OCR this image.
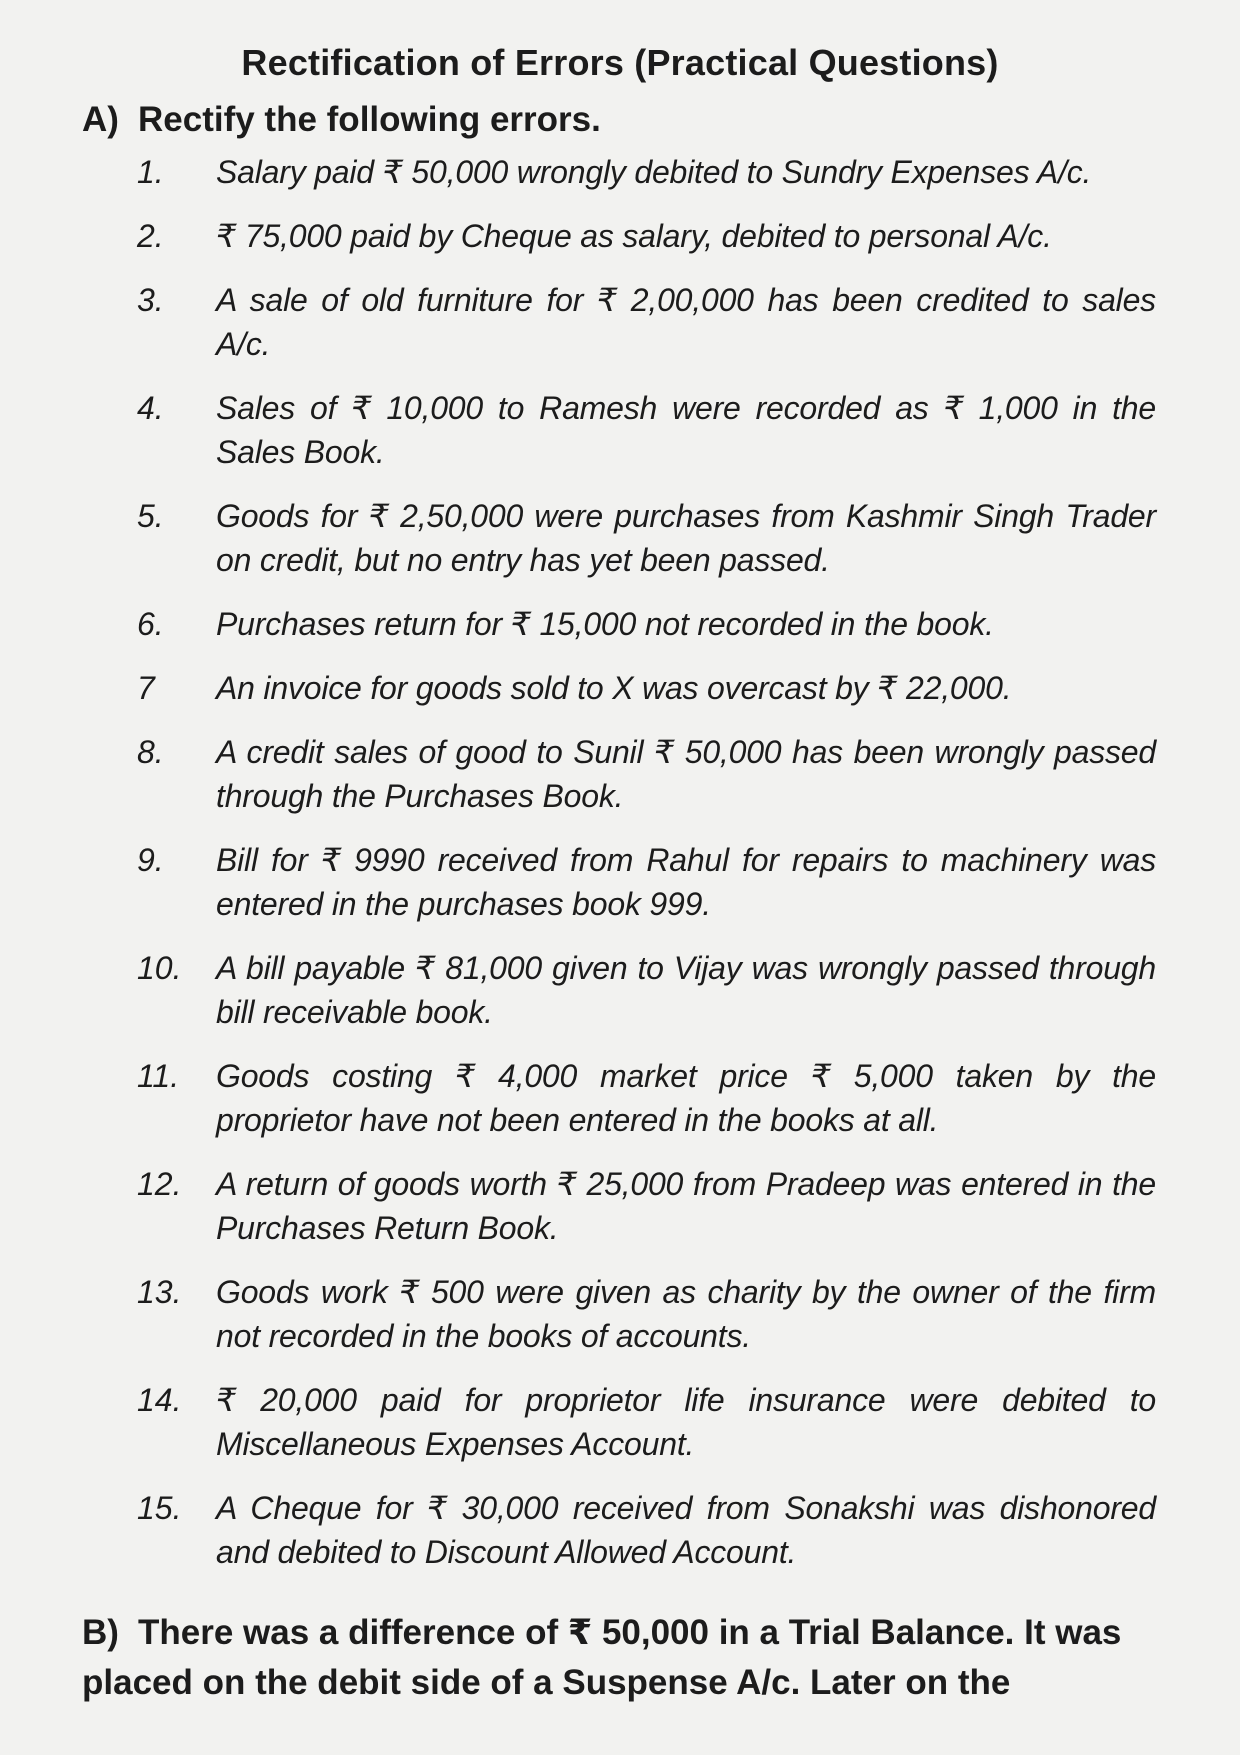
Rectification of Errors (Practical Questions)
A) Rectify the following errors.
1. Salary paid ₹ 50,000 wrongly debited to Sundry Expenses A/c.
2. ₹ 75,000 paid by Cheque as salary, debited to personal A/c.
3. A sale of old furniture for ₹ 2,00,000 has been credited to sales A/c.
4. Sales of ₹ 10,000 to Ramesh were recorded as ₹ 1,000 in the Sales Book.
5. Goods for ₹ 2,50,000 were purchases from Kashmir Singh Trader on credit, but no entry has yet been passed.
6. Purchases return for ₹ 15,000 not recorded in the book.
7 An invoice for goods sold to X was overcast by ₹ 22,000.
8. A credit sales of good to Sunil ₹ 50,000 has been wrongly passed through the Purchases Book.
9. Bill for ₹ 9990 received from Rahul for repairs to machinery was entered in the purchases book 999.
10. A bill payable ₹ 81,000 given to Vijay was wrongly passed through bill receivable book.
11. Goods costing ₹ 4,000 market price ₹ 5,000 taken by the proprietor have not been entered in the books at all.
12. A return of goods worth ₹ 25,000 from Pradeep was entered in the Purchases Return Book.
13. Goods work ₹ 500 were given as charity by the owner of the firm not recorded in the books of accounts.
14. ₹ 20,000 paid for proprietor life insurance were debited to Miscellaneous Expenses Account.
15. A Cheque for ₹ 30,000 received from Sonakshi was dishonored and debited to Discount Allowed Account.
B) There was a difference of ₹ 50,000 in a Trial Balance. It was placed on the debit side of a Suspense A/c. Later on the
